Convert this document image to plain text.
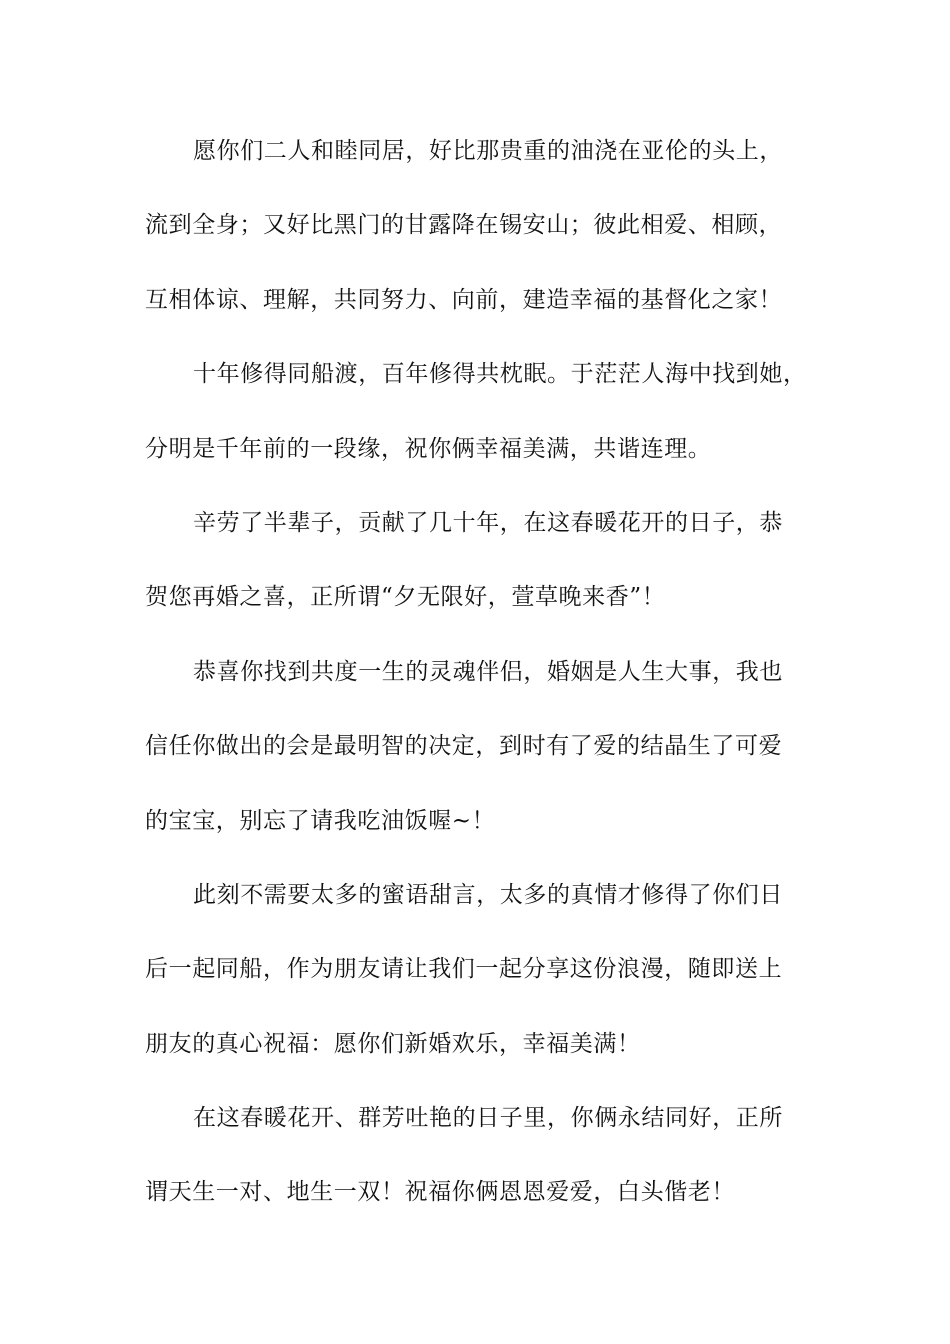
愿你们二人和睦同居，好比那贵重的油浇在亚伦的头上，
流到全身；又好比黑门的甘露降在锡安山；彼此相爱、相顾，
互相体谅、理解，共同努力、向前，建造幸福的基督化之家！
十年修得同船渡，百年修得共枕眠。于茫茫人海中找到她，
分明是千年前的一段缘，祝你俩幸福美满，共谐连理。
辛劳了半辈子，贡献了几十年，在这春暖花开的日子，恭
贺您再婚之喜，正所谓“夕无限好，萱草晚来香”！
恭喜你找到共度一生的灵魂伴侣，婚姻是人生大事，我也
信任你做出的会是最明智的决定，到时有了爱的结晶生了可爱
的宝宝，别忘了请我吃油饭喔~！
此刻不需要太多的蜜语甜言，太多的真情才修得了你们日
后一起同船，作为朋友请让我们一起分享这份浪漫，随即送上
朋友的真心祝福：愿你们新婚欢乐，幸福美满！
在这春暖花开、群芳吐艳的日子里，你俩永结同好，正所
谓天生一对、地生一双！祝福你俩恩恩爱爱，白头偕老！
